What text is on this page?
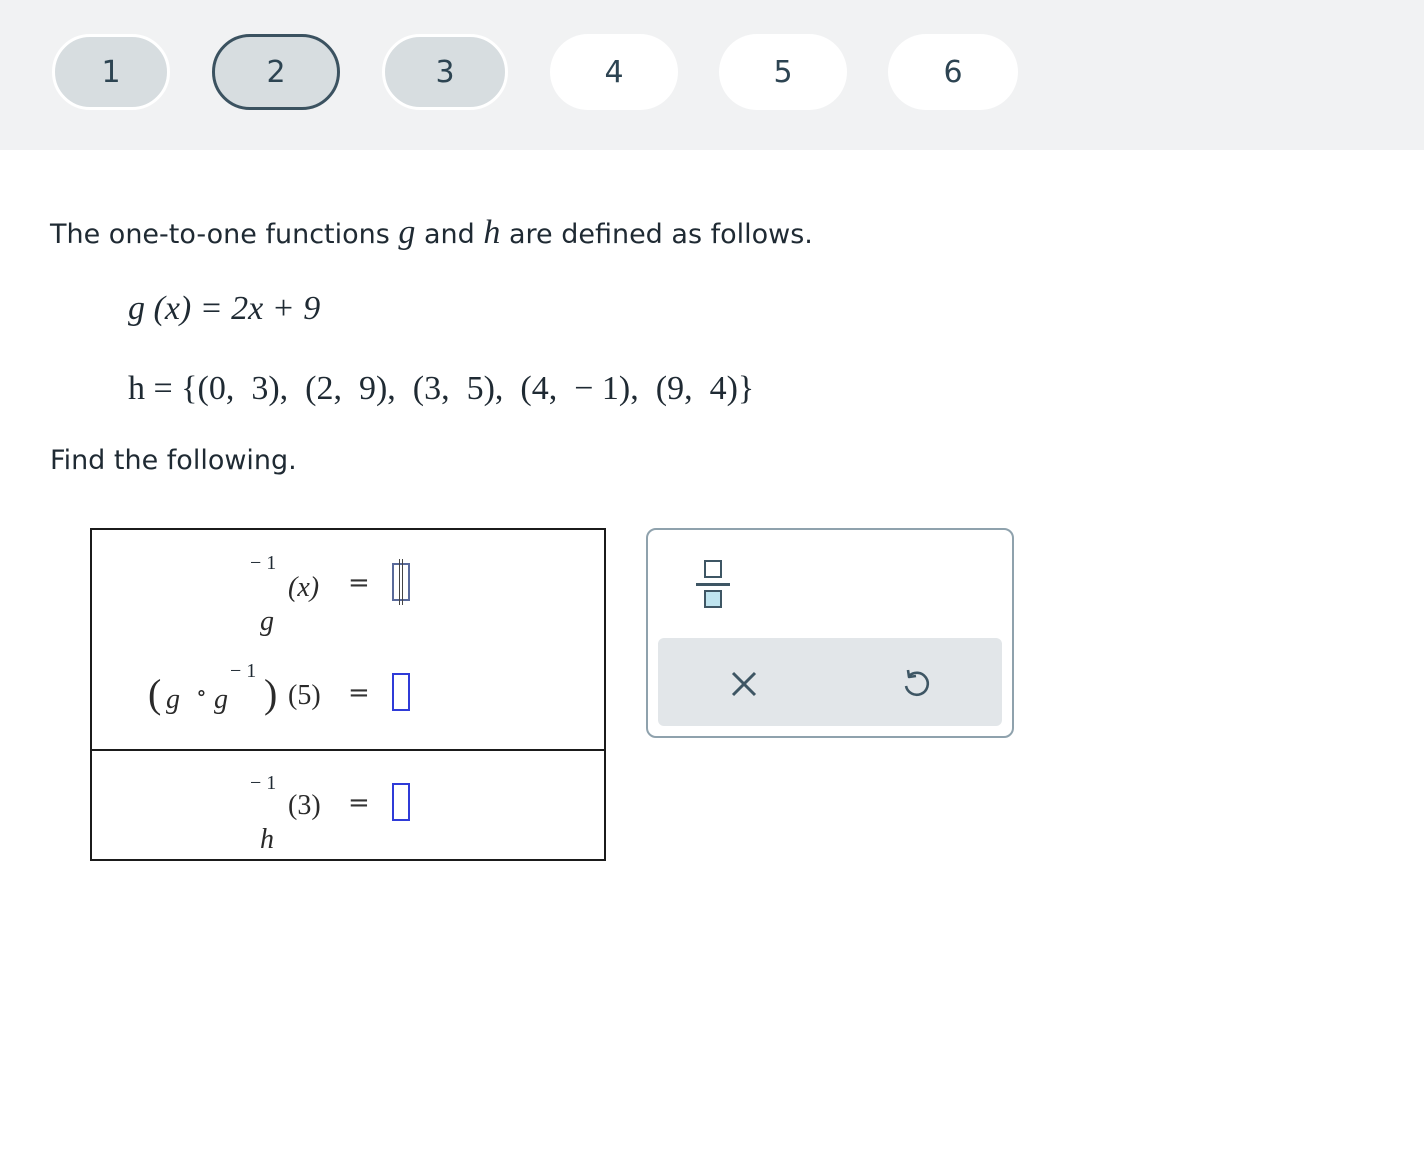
1	2	3	4	5	6
The one-to-one functions g and h are defined as follows.
g (x) = 2x + 9
h = {(0,  3),  (2,  9),  (3,  5),  (4,  − 1),  (9,  4)}
Find the following.

g

− 1
(x) =
( g ∘ g
− 1 ) (5) =

h

− 1
(3) =
